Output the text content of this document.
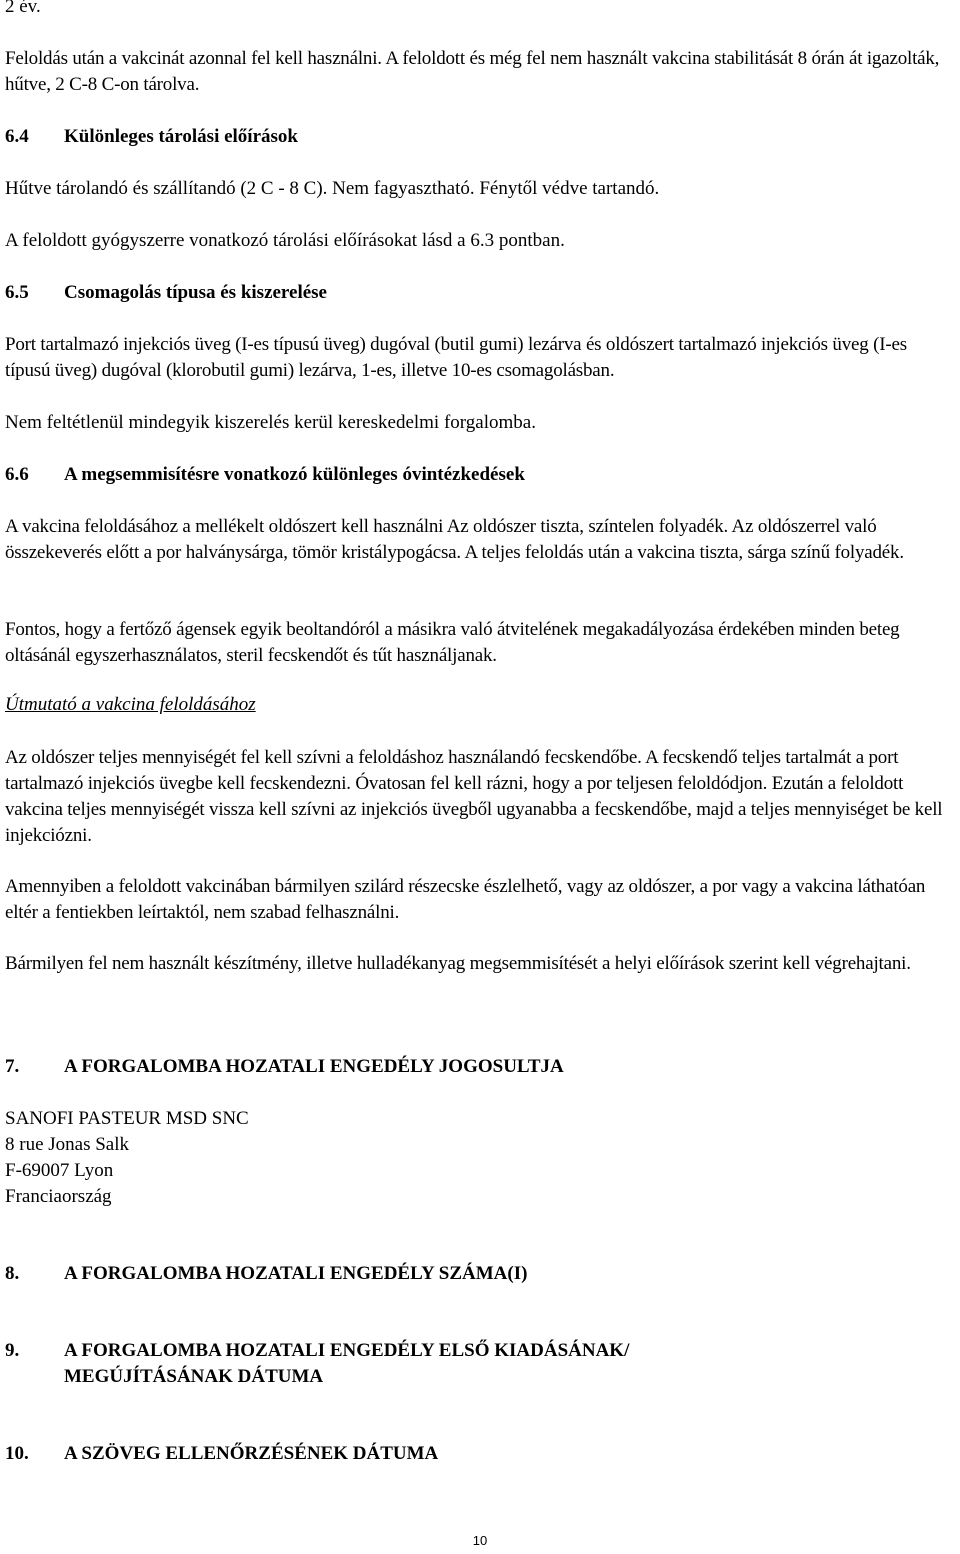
2 év.

Feloldás után a vakcinát azonnal fel kell használni. A feloldott és még fel nem használt vakcina stabilitását 8 órán át igazolták, hűtve, 2 C-8 C-on tárolva.

6.4 Különleges tárolási előírások

Hűtve tárolandó és szállítandó (2 C - 8 C). Nem fagyasztható. Fénytől védve tartandó.

A feloldott gyógyszerre vonatkozó tárolási előírásokat lásd a 6.3 pontban.

6.5 Csomagolás típusa és kiszerelése

Port tartalmazó injekciós üveg (I-es típusú üveg) dugóval (butil gumi) lezárva és oldószert tartalmazó injekciós üveg (I-es típusú üveg) dugóval (klorobutil gumi) lezárva, 1-es, illetve 10-es csomagolásban.

Nem feltétlenül mindegyik kiszerelés kerül kereskedelmi forgalomba.

6.6 A megsemmisítésre vonatkozó különleges óvintézkedések

A vakcina feloldásához a mellékelt oldószert kell használni Az oldószer tiszta, színtelen folyadék. Az oldószerrel való összekeverés előtt a por halványsárga, tömör kristálypogácsa. A teljes feloldás után a vakcina tiszta, sárga színű folyadék.

Fontos, hogy a fertőző ágensek egyik beoltandóról a másikra való átvitelének megakadályozása érdekében minden beteg oltásánál egyszerhasználatos, steril fecskendőt és tűt használjanak.

Útmutató a vakcina feloldásához

Az oldószer teljes mennyiségét fel kell szívni a feloldáshoz használandó fecskendőbe. A fecskendő teljes tartalmát a port tartalmazó injekciós üvegbe kell fecskendezni. Óvatosan fel kell rázni, hogy a por teljesen feloldódjon. Ezután a feloldott vakcina teljes mennyiségét vissza kell szívni az injekciós üvegből ugyanabba a fecskendőbe, majd a teljes mennyiséget be kell injekciózni.

Amennyiben a feloldott vakcinában bármilyen szilárd részecske észlelhető, vagy az oldószer, a por vagy a vakcina láthatóan eltér a fentiekben leírtaktól, nem szabad felhasználni.

Bármilyen fel nem használt készítmény, illetve hulladékanyag megsemmisítését a helyi előírások szerint kell végrehajtani.

7. A FORGALOMBA HOZATALI ENGEDÉLY JOGOSULTJA

SANOFI PASTEUR MSD SNC
8 rue Jonas Salk
F-69007 Lyon
Franciaország

8. A FORGALOMBA HOZATALI ENGEDÉLY SZÁMA(I)

9. A FORGALOMBA HOZATALI ENGEDÉLY ELSŐ KIADÁSÁNAK/
MEGÚJÍTÁSÁNAK DÁTUMA

10. A SZÖVEG ELLENŐRZÉSÉNEK DÁTUMA

10
